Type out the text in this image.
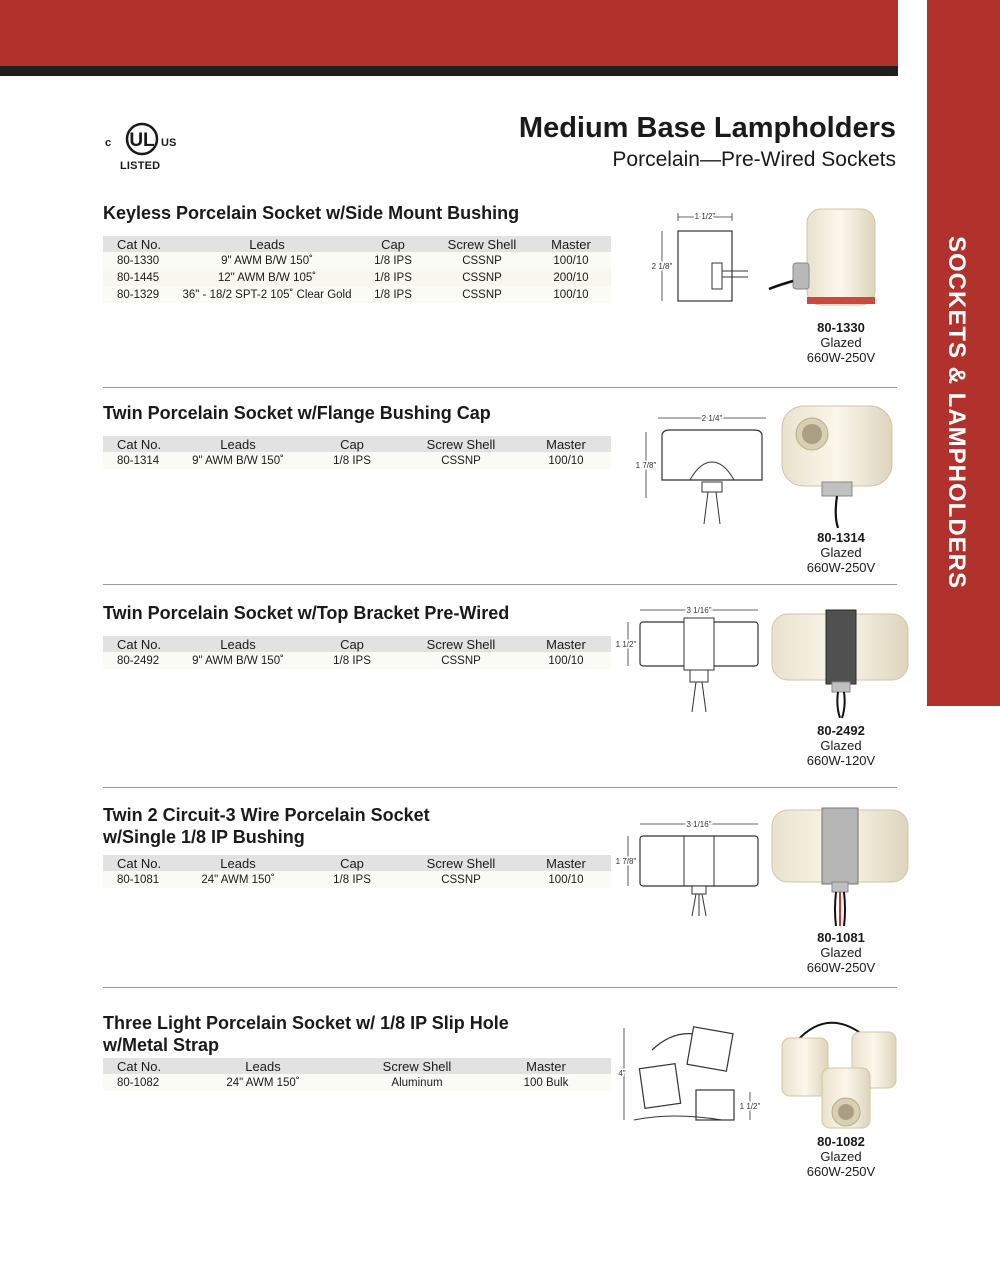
SOCKETS & LAMPHOLDERS
UL
c	US
LISTED
Medium Base Lampholders
Porcelain—Pre-Wired Sockets
Keyless Porcelain Socket w/Side Mount Bushing
Cat No.	Leads	Cap	Screw Shell	Master
80-1330	9" AWM B/W 150˚	1/8 IPS	CSSNP	100/10
80-1445	12" AWM B/W 105˚	1/8 IPS	CSSNP	200/10
80-1329	36" - 18/2 SPT-2 105˚ Clear Gold	1/8 IPS	CSSNP	100/10
1 1/2"
2 1/8"
80-1330
Glazed
660W-250V
Twin Porcelain Socket w/Flange Bushing Cap
Cat No.	Leads	Cap	Screw Shell	Master
80-1314	9" AWM B/W 150˚	1/8 IPS	CSSNP	100/10
2 1/4"
1 7/8"
80-1314
Glazed
660W-250V
Twin Porcelain Socket w/Top Bracket Pre-Wired
Cat No.	Leads	Cap	Screw Shell	Master
80-2492	9" AWM B/W 150˚	1/8 IPS	CSSNP	100/10
3 1/16"
1 1/2"
80-2492
Glazed
660W-120V
Twin 2 Circuit-3 Wire Porcelain Socket
w/Single 1/8 IP Bushing
Cat No.	Leads	Cap	Screw Shell	Master
80-1081	24" AWM 150˚	1/8 IPS	CSSNP	100/10
3 1/16"
1 7/8"
80-1081
Glazed
660W-250V
Three Light Porcelain Socket w/ 1/8 IP Slip Hole
w/Metal Strap
Cat No.	Leads	Screw Shell	Master
80-1082	24" AWM 150˚	Aluminum	100 Bulk
4"
1 1/2"
80-1082
Glazed
660W-250V
